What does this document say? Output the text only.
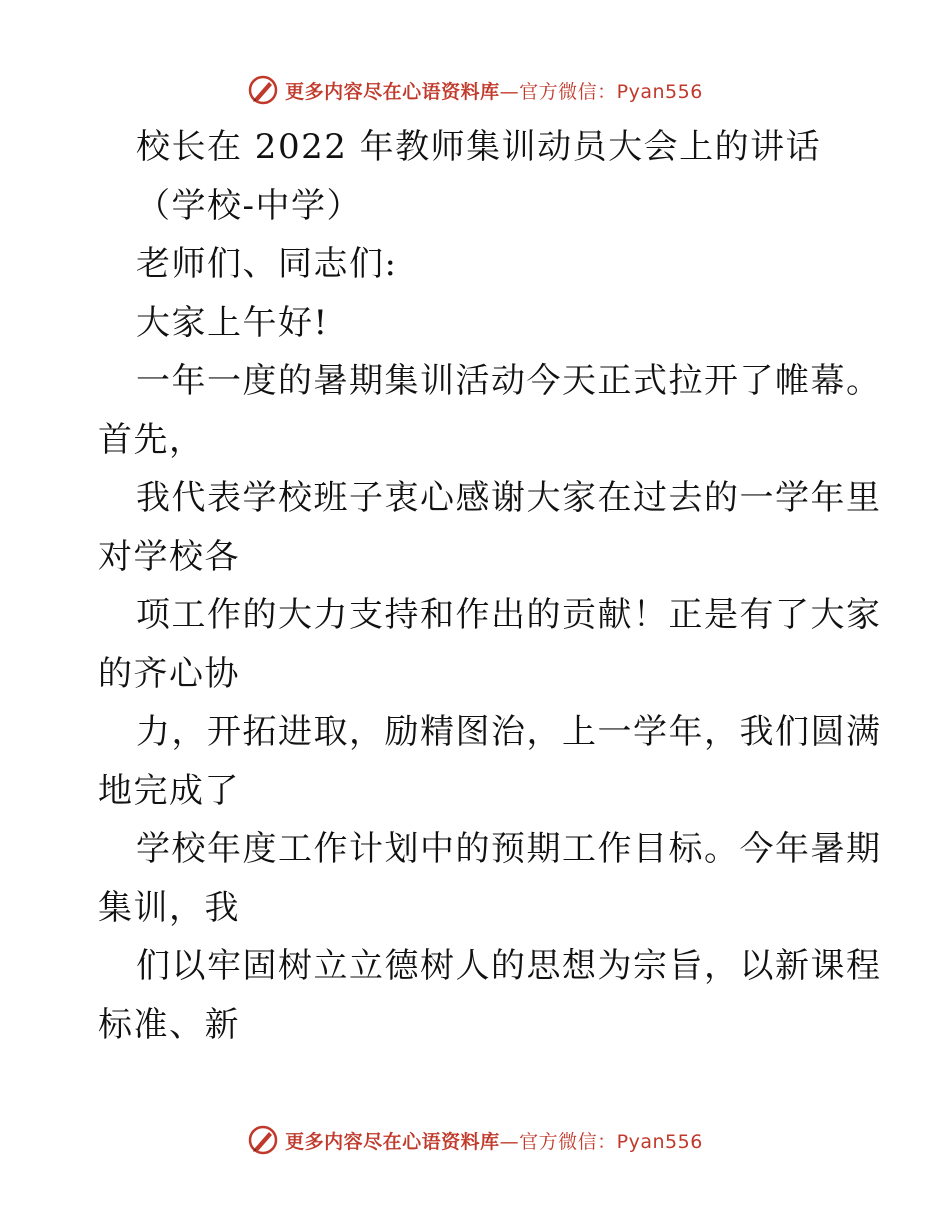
更多内容尽在心语资料库—官方微信：Pyan556
校长在 2022 年教师集训动员大会上的讲话
（学校-中学）
老师们、同志们:
大家上午好!
一年一度的暑期集训活动今天正式拉开了帷幕。
首先，
我代表学校班子衷心感谢大家在过去的一学年里
对学校各
项工作的大力支持和作出的贡献！正是有了大家
的齐心协
力，开拓进取，励精图治，上一学年，我们圆满
地完成了
学校年度工作计划中的预期工作目标。今年暑期
集训，我
们以牢固树立立德树人的思想为宗旨，以新课程
标准、新
更多内容尽在心语资料库—官方微信：Pyan556
